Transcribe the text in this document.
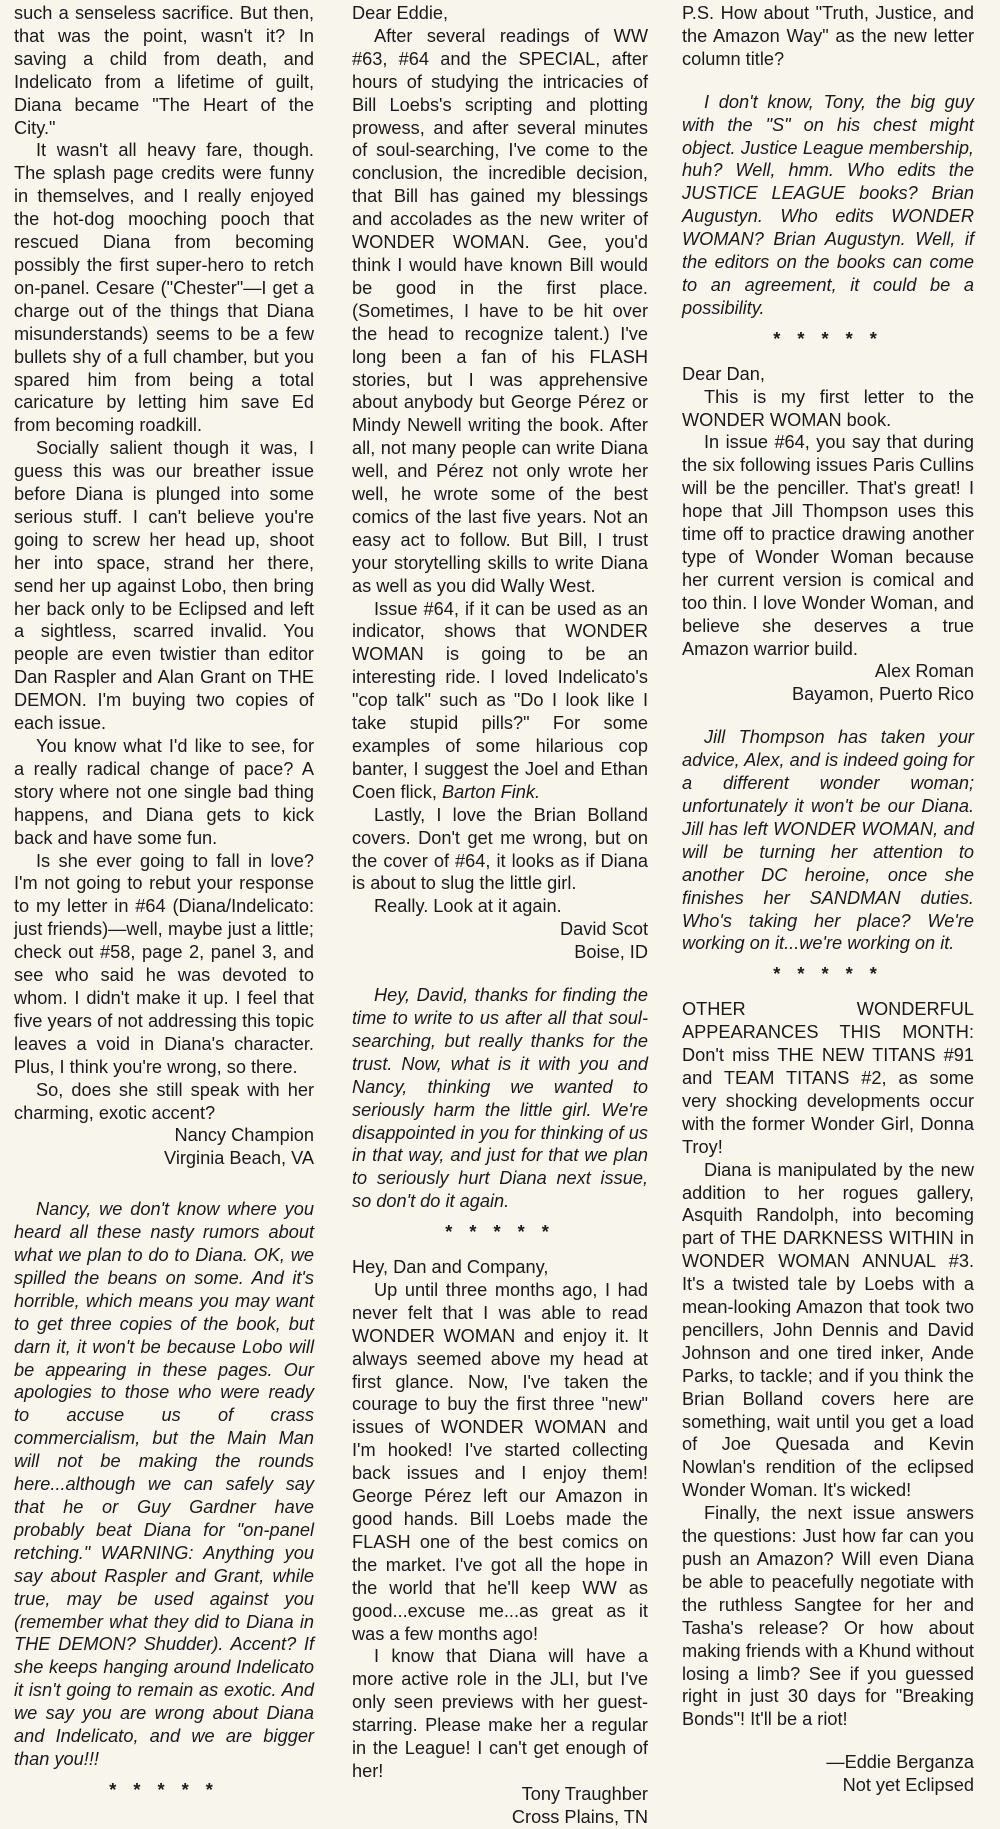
such a senseless sacrifice. But then, that was the point, wasn't it? In saving a child from death, and Indelicato from a lifetime of guilt, Diana became "The Heart of the City."

It wasn't all heavy fare, though. The splash page credits were funny in themselves, and I really enjoyed the hot-dog mooching pooch that rescued Diana from becoming possibly the first super-hero to retch on-panel. Cesare ("Chester"—I get a charge out of the things that Diana misunderstands) seems to be a few bullets shy of a full chamber, but you spared him from being a total caricature by letting him save Ed from becoming roadkill.

Socially salient though it was, I guess this was our breather issue before Diana is plunged into some serious stuff. I can't believe you're going to screw her head up, shoot her into space, strand her there, send her up against Lobo, then bring her back only to be Eclipsed and left a sightless, scarred invalid. You people are even twistier than editor Dan Raspler and Alan Grant on THE DEMON. I'm buying two copies of each issue.

You know what I'd like to see, for a really radical change of pace? A story where not one single bad thing happens, and Diana gets to kick back and have some fun.

Is she ever going to fall in love? I'm not going to rebut your response to my letter in #64 (Diana/Indelicato: just friends)—well, maybe just a little; check out #58, page 2, panel 3, and see who said he was devoted to whom. I didn't make it up. I feel that five years of not addressing this topic leaves a void in Diana's character. Plus, I think you're wrong, so there.

So, does she still speak with her charming, exotic accent?

Nancy Champion

Virginia Beach, VA

Nancy, we don't know where you heard all these nasty rumors about what we plan to do to Diana. OK, we spilled the beans on some. And it's horrible, which means you may want to get three copies of the book, but darn it, it won't be because Lobo will be appearing in these pages. Our apologies to those who were ready to accuse us of crass commercialism, but the Main Man will not be making the rounds here...although we can safely say that he or Guy Gardner have probably beat Diana for "on-panel retching." WARNING: Anything you say about Raspler and Grant, while true, may be used against you (remember what they did to Diana in THE DEMON? Shudder). Accent? If she keeps hanging around Indelicato it isn't going to remain as exotic. And we say you are wrong about Diana and Indelicato, and we are bigger than you!!!

* * * * *

Dear Eddie,

After several readings of WW #63, #64 and the SPECIAL, after hours of studying the intricacies of Bill Loebs's scripting and plotting prowess, and after several minutes of soul-searching, I've come to the conclusion, the incredible decision, that Bill has gained my blessings and accolades as the new writer of WONDER WOMAN. Gee, you'd think I would have known Bill would be good in the first place. (Sometimes, I have to be hit over the head to recognize talent.) I've long been a fan of his FLASH stories, but I was apprehensive about anybody but George Pérez or Mindy Newell writing the book. After all, not many people can write Diana well, and Pérez not only wrote her well, he wrote some of the best comics of the last five years. Not an easy act to follow. But Bill, I trust your storytelling skills to write Diana as well as you did Wally West.

Issue #64, if it can be used as an indicator, shows that WONDER WOMAN is going to be an interesting ride. I loved Indelicato's "cop talk" such as "Do I look like I take stupid pills?" For some examples of some hilarious cop banter, I suggest the Joel and Ethan Coen flick, Barton Fink.

Lastly, I love the Brian Bolland covers. Don't get me wrong, but on the cover of #64, it looks as if Diana is about to slug the little girl.

Really. Look at it again.

David Scot

Boise, ID

Hey, David, thanks for finding the time to write to us after all that soul-searching, but really thanks for the trust. Now, what is it with you and Nancy, thinking we wanted to seriously harm the little girl. We're disappointed in you for thinking of us in that way, and just for that we plan to seriously hurt Diana next issue, so don't do it again.

* * * * *

Hey, Dan and Company,

Up until three months ago, I had never felt that I was able to read WONDER WOMAN and enjoy it. It always seemed above my head at first glance. Now, I've taken the courage to buy the first three "new" issues of WONDER WOMAN and I'm hooked! I've started collecting back issues and I enjoy them! George Pérez left our Amazon in good hands. Bill Loebs made the FLASH one of the best comics on the market. I've got all the hope in the world that he'll keep WW as good...excuse me...as great as it was a few months ago!

I know that Diana will have a more active role in the JLI, but I've only seen previews with her guest-starring. Please make her a regular in the League! I can't get enough of her!

Tony Traughber

Cross Plains, TN

P.S. How about "Truth, Justice, and the Amazon Way" as the new letter column title?

I don't know, Tony, the big guy with the "S" on his chest might object. Justice League membership, huh? Well, hmm. Who edits the JUSTICE LEAGUE books? Brian Augustyn. Who edits WONDER WOMAN? Brian Augustyn. Well, if the editors on the books can come to an agreement, it could be a possibility.

* * * * *

Dear Dan,

This is my first letter to the WONDER WOMAN book.

In issue #64, you say that during the six following issues Paris Cullins will be the penciller. That's great! I hope that Jill Thompson uses this time off to practice drawing another type of Wonder Woman because her current version is comical and too thin. I love Wonder Woman, and believe she deserves a true Amazon warrior build.

Alex Roman

Bayamon, Puerto Rico

Jill Thompson has taken your advice, Alex, and is indeed going for a different wonder woman; unfortunately it won't be our Diana. Jill has left WONDER WOMAN, and will be turning her attention to another DC heroine, once she finishes her SANDMAN duties. Who's taking her place? We're working on it...we're working on it.

* * * * *

OTHER WONDERFUL APPEARANCES THIS MONTH: Don't miss THE NEW TITANS #91 and TEAM TITANS #2, as some very shocking developments occur with the former Wonder Girl, Donna Troy!

Diana is manipulated by the new addition to her rogues gallery, Asquith Randolph, into becoming part of THE DARKNESS WITHIN in WONDER WOMAN ANNUAL #3. It's a twisted tale by Loebs with a mean-looking Amazon that took two pencillers, John Dennis and David Johnson and one tired inker, Ande Parks, to tackle; and if you think the Brian Bolland covers here are something, wait until you get a load of Joe Quesada and Kevin Nowlan's rendition of the eclipsed Wonder Woman. It's wicked!

Finally, the next issue answers the questions: Just how far can you push an Amazon? Will even Diana be able to peacefully negotiate with the ruthless Sangtee for her and Tasha's release? Or how about making friends with a Khund without losing a limb? See if you guessed right in just 30 days for "Breaking Bonds"! It'll be a riot!

—Eddie Berganza

Not yet Eclipsed
